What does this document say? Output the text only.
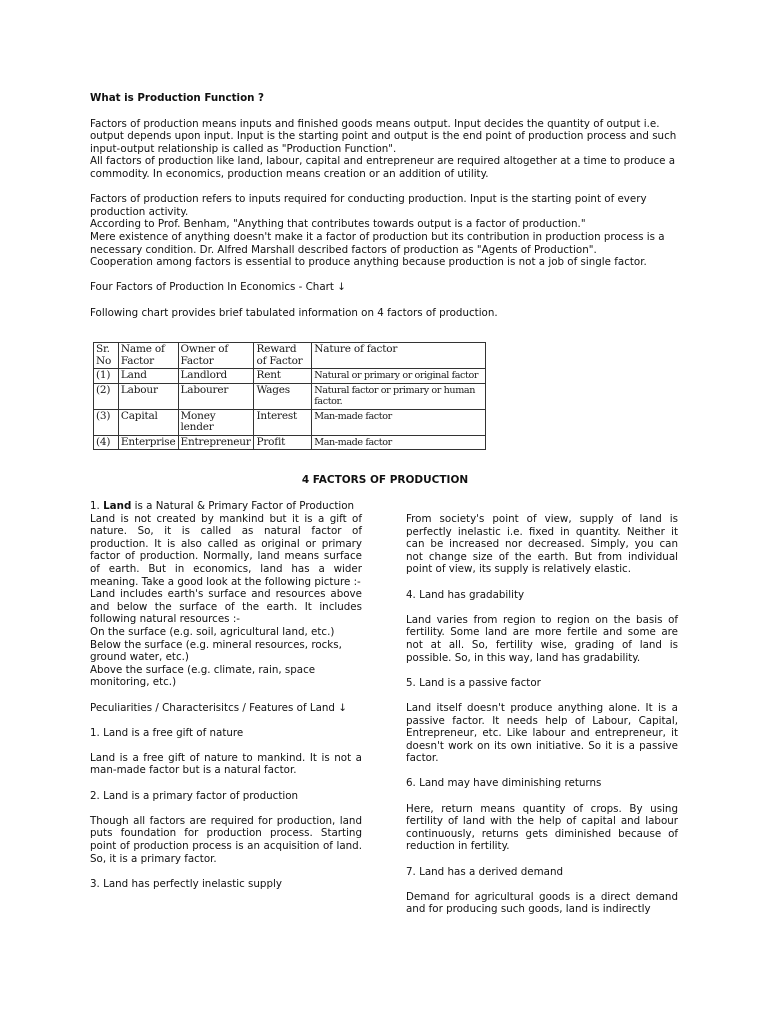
What is Production Function ?

Factors of production means inputs and finished goods means output. Input decides the quantity of output i.e. output depends upon input. Input is the starting point and output is the end point of production process and such input-output relationship is called as "Production Function".

All factors of production like land, labour, capital and entrepreneur are required altogether at a time to produce a commodity. In economics, production means creation or an addition of utility.

Factors of production refers to inputs required for conducting production. Input is the starting point of every production activity.

According to Prof. Benham, "Anything that contributes towards output is a factor of production."

Mere existence of anything doesn't make it a factor of production but its contribution in production process is a necessary condition. Dr. Alfred Marshall described factors of production as "Agents of Production".

Cooperation among factors is essential to produce anything because production is not a job of single factor.

Four Factors of Production In Economics - Chart ↓

Following chart provides brief tabulated information on 4 factors of production.

Sr. No	Name of Factor	Owner of Factor	Reward of Factor	Nature of factor
(1)	Land	Landlord	Rent	Natural or primary or original factor
(2)	Labour	Labourer	Wages	Natural factor or primary or human factor.
(3)	Capital	Money lender	Interest	Man-made factor
(4)	Enterprise	Entrepreneur	Profit	Man-made factor
4 FACTORS OF PRODUCTION

1. Land is a Natural & Primary Factor of Production

Land is not created by mankind but it is a gift of nature. So, it is called as natural factor of production. It is also called as original or primary factor of production. Normally, land means surface of earth. But in economics, land has a wider meaning. Take a good look at the following picture :-

Land includes earth's surface and resources above and below the surface of the earth. It includes following natural resources :-

On the surface (e.g. soil, agricultural land, etc.)

Below the surface (e.g. mineral resources, rocks, ground water, etc.)

Above the surface (e.g. climate, rain, space monitoring, etc.)

Peculiarities / Characterisitcs / Features of Land ↓

1. Land is a free gift of nature

Land is a free gift of nature to mankind. It is not a man-made factor but is a natural factor.

2. Land is a primary factor of production

Though all factors are required for production, land puts foundation for production process. Starting point of production process is an acquisition of land. So, it is a primary factor.

3. Land has perfectly inelastic supply

From society's point of view, supply of land is perfectly inelastic i.e. fixed in quantity. Neither it can be increased nor decreased. Simply, you can not change size of the earth. But from individual point of view, its supply is relatively elastic.

4. Land has gradability

Land varies from region to region on the basis of fertility. Some land are more fertile and some are not at all. So, fertility wise, grading of land is possible. So, in this way, land has gradability.

5. Land is a passive factor

Land itself doesn't produce anything alone. It is a passive factor. It needs help of Labour, Capital, Entrepreneur, etc. Like labour and entrepreneur, it doesn't work on its own initiative. So it is a passive factor.

6. Land may have diminishing returns

Here, return means quantity of crops. By using fertility of land with the help of capital and labour continuously, returns gets diminished because of reduction in fertility.

7. Land has a derived demand

Demand for agricultural goods is a direct demand and for producing such goods, land is indirectly
